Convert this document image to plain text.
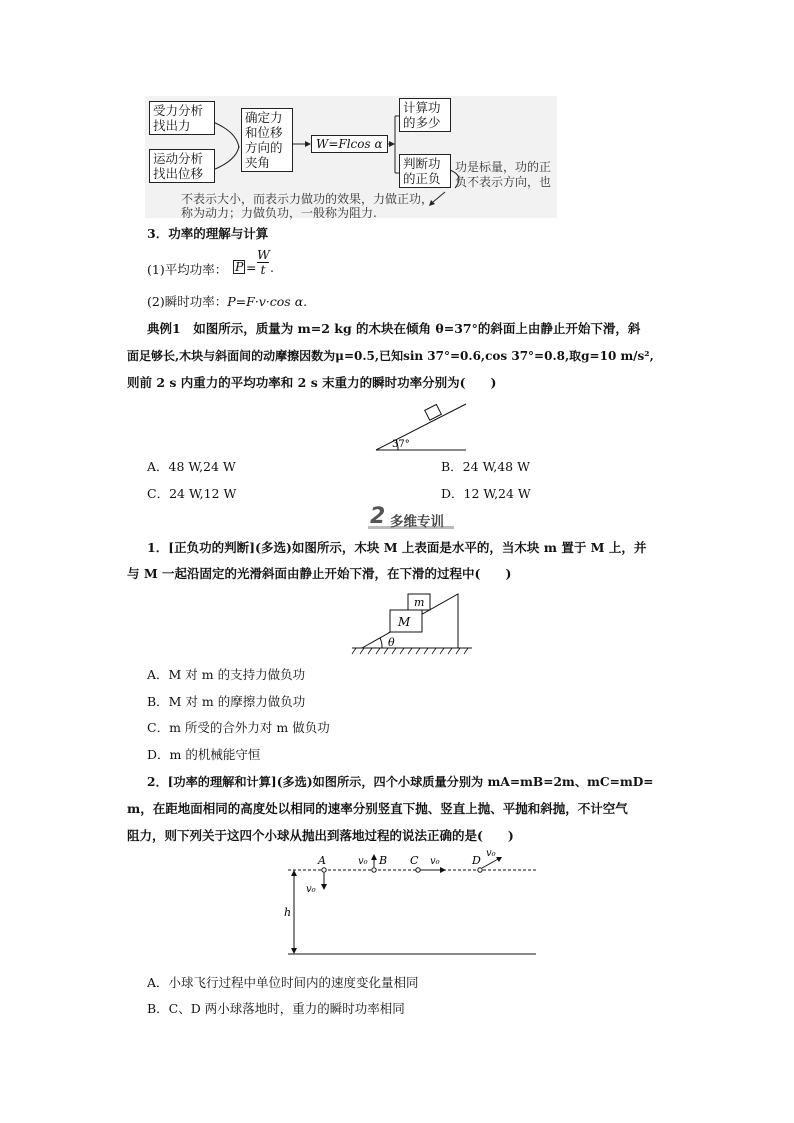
受力分析
找出力
运动分析
找出位移
确定力
和位移
方向的
夹角
W=Flcos α
计算功
的多少
判断功
的正负
功是标量，功的正
负不表示方向，也
不表示大小，而表示力做功的效果，力做正功，
称为动力；力做负功，一般称为阻力.
3．功率的理解与计算
(1)平均功率： P =
W
t .
(2)瞬时功率：P=F·v·cos α.
典例1　如图所示，质量为 m=2 kg 的木块在倾角 θ=37°的斜面上由静止开始下滑，斜
面足够长,木块与斜面间的动摩擦因数为μ=0.5,已知sin 37°=0.6,cos 37°=0.8,取g=10 m/s²,
则前 2 s 内重力的平均功率和 2 s 末重力的瞬时功率分别为(　　)
37°
A．48 W,24 W	B．24 W,48 W
C．24 W,12 W	D．12 W,24 W
2 多维专训
1．[正负功的判断](多选)如图所示，木块 M 上表面是水平的，当木块 m 置于 M 上，并
与 M 一起沿固定的光滑斜面由静止开始下滑，在下滑的过程中(　　)
m
M
θ
A．M 对 m 的支持力做负功
B．M 对 m 的摩擦力做负功
C．m 所受的合外力对 m 做负功
D．m 的机械能守恒
2．[功率的理解和计算](多选)如图所示，四个小球质量分别为 mA=mB=2m、mC=mD=
m，在距地面相同的高度处以相同的速率分别竖直下抛、竖直上抛、平抛和斜抛，不计空气
阻力，则下列关于这四个小球从抛出到落地过程的说法正确的是(　　)
h
A
v₀
v₀ B C v₀	D
v₀
A．小球飞行过程中单位时间内的速度变化量相同
B．C、D 两小球落地时，重力的瞬时功率相同
